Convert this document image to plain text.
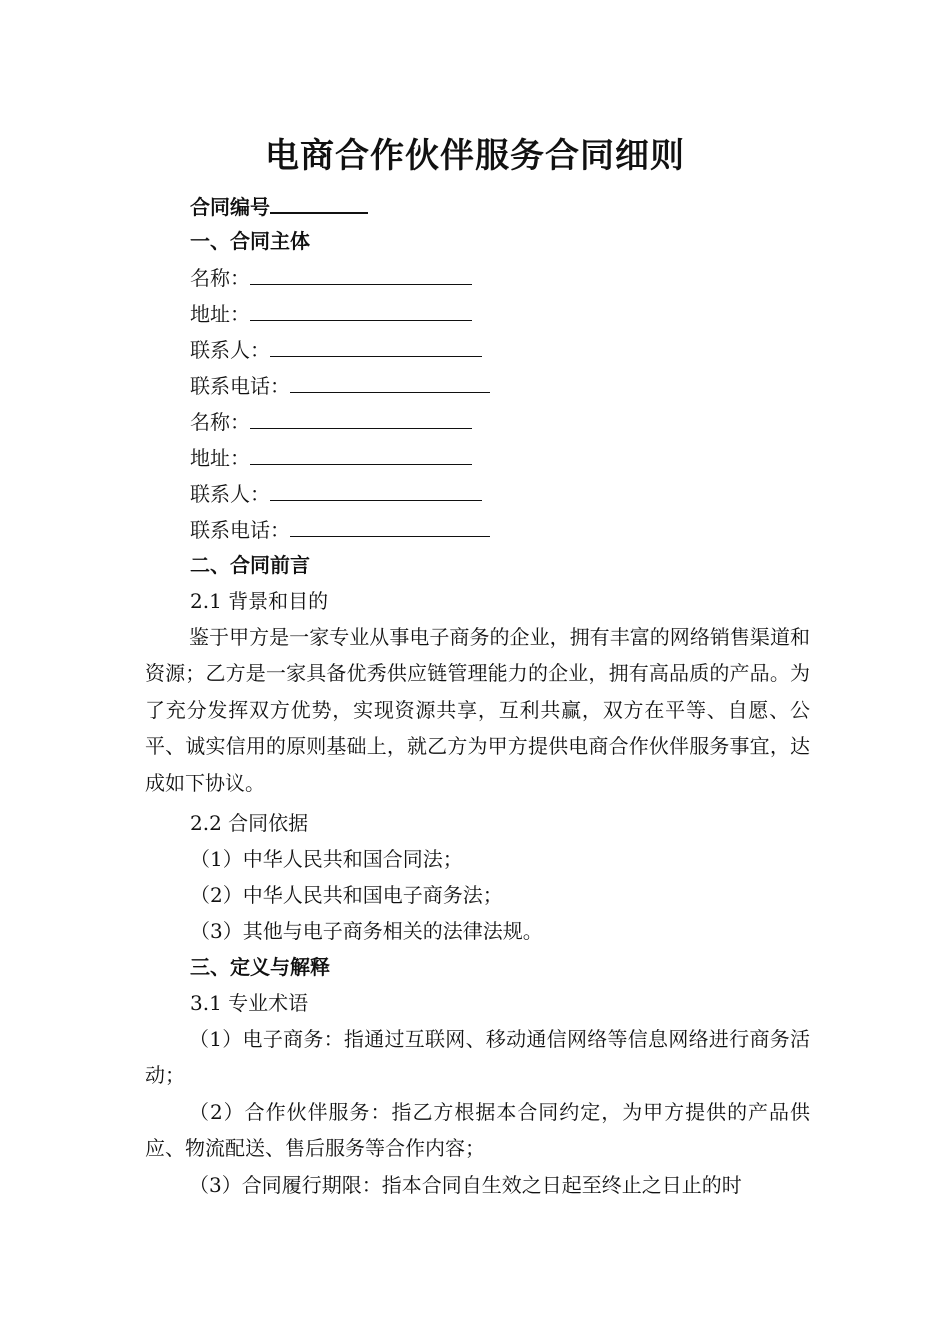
电商合作伙伴服务合同细则
合同编号
一、合同主体
名称：
地址：
联系人：
联系电话：
名称：
地址：
联系人：
联系电话：
二、合同前言
2.1 背景和目的
鉴于甲方是一家专业从事电子商务的企业，拥有丰富的网络销售渠道和资源；乙方是一家具备优秀供应链管理能力的企业，拥有高品质的产品。为了充分发挥双方优势，实现资源共享，互利共赢，双方在平等、自愿、公平、诚实信用的原则基础上，就乙方为甲方提供电商合作伙伴服务事宜，达成如下协议。
2.2 合同依据
（1）中华人民共和国合同法；
（2）中华人民共和国电子商务法；
（3）其他与电子商务相关的法律法规。
三、定义与解释
3.1 专业术语
（1）电子商务：指通过互联网、移动通信网络等信息网络进行商务活动；
（2）合作伙伴服务：指乙方根据本合同约定，为甲方提供的产品供应、物流配送、售后服务等合作内容；
（3）合同履行期限：指本合同自生效之日起至终止之日止的时
